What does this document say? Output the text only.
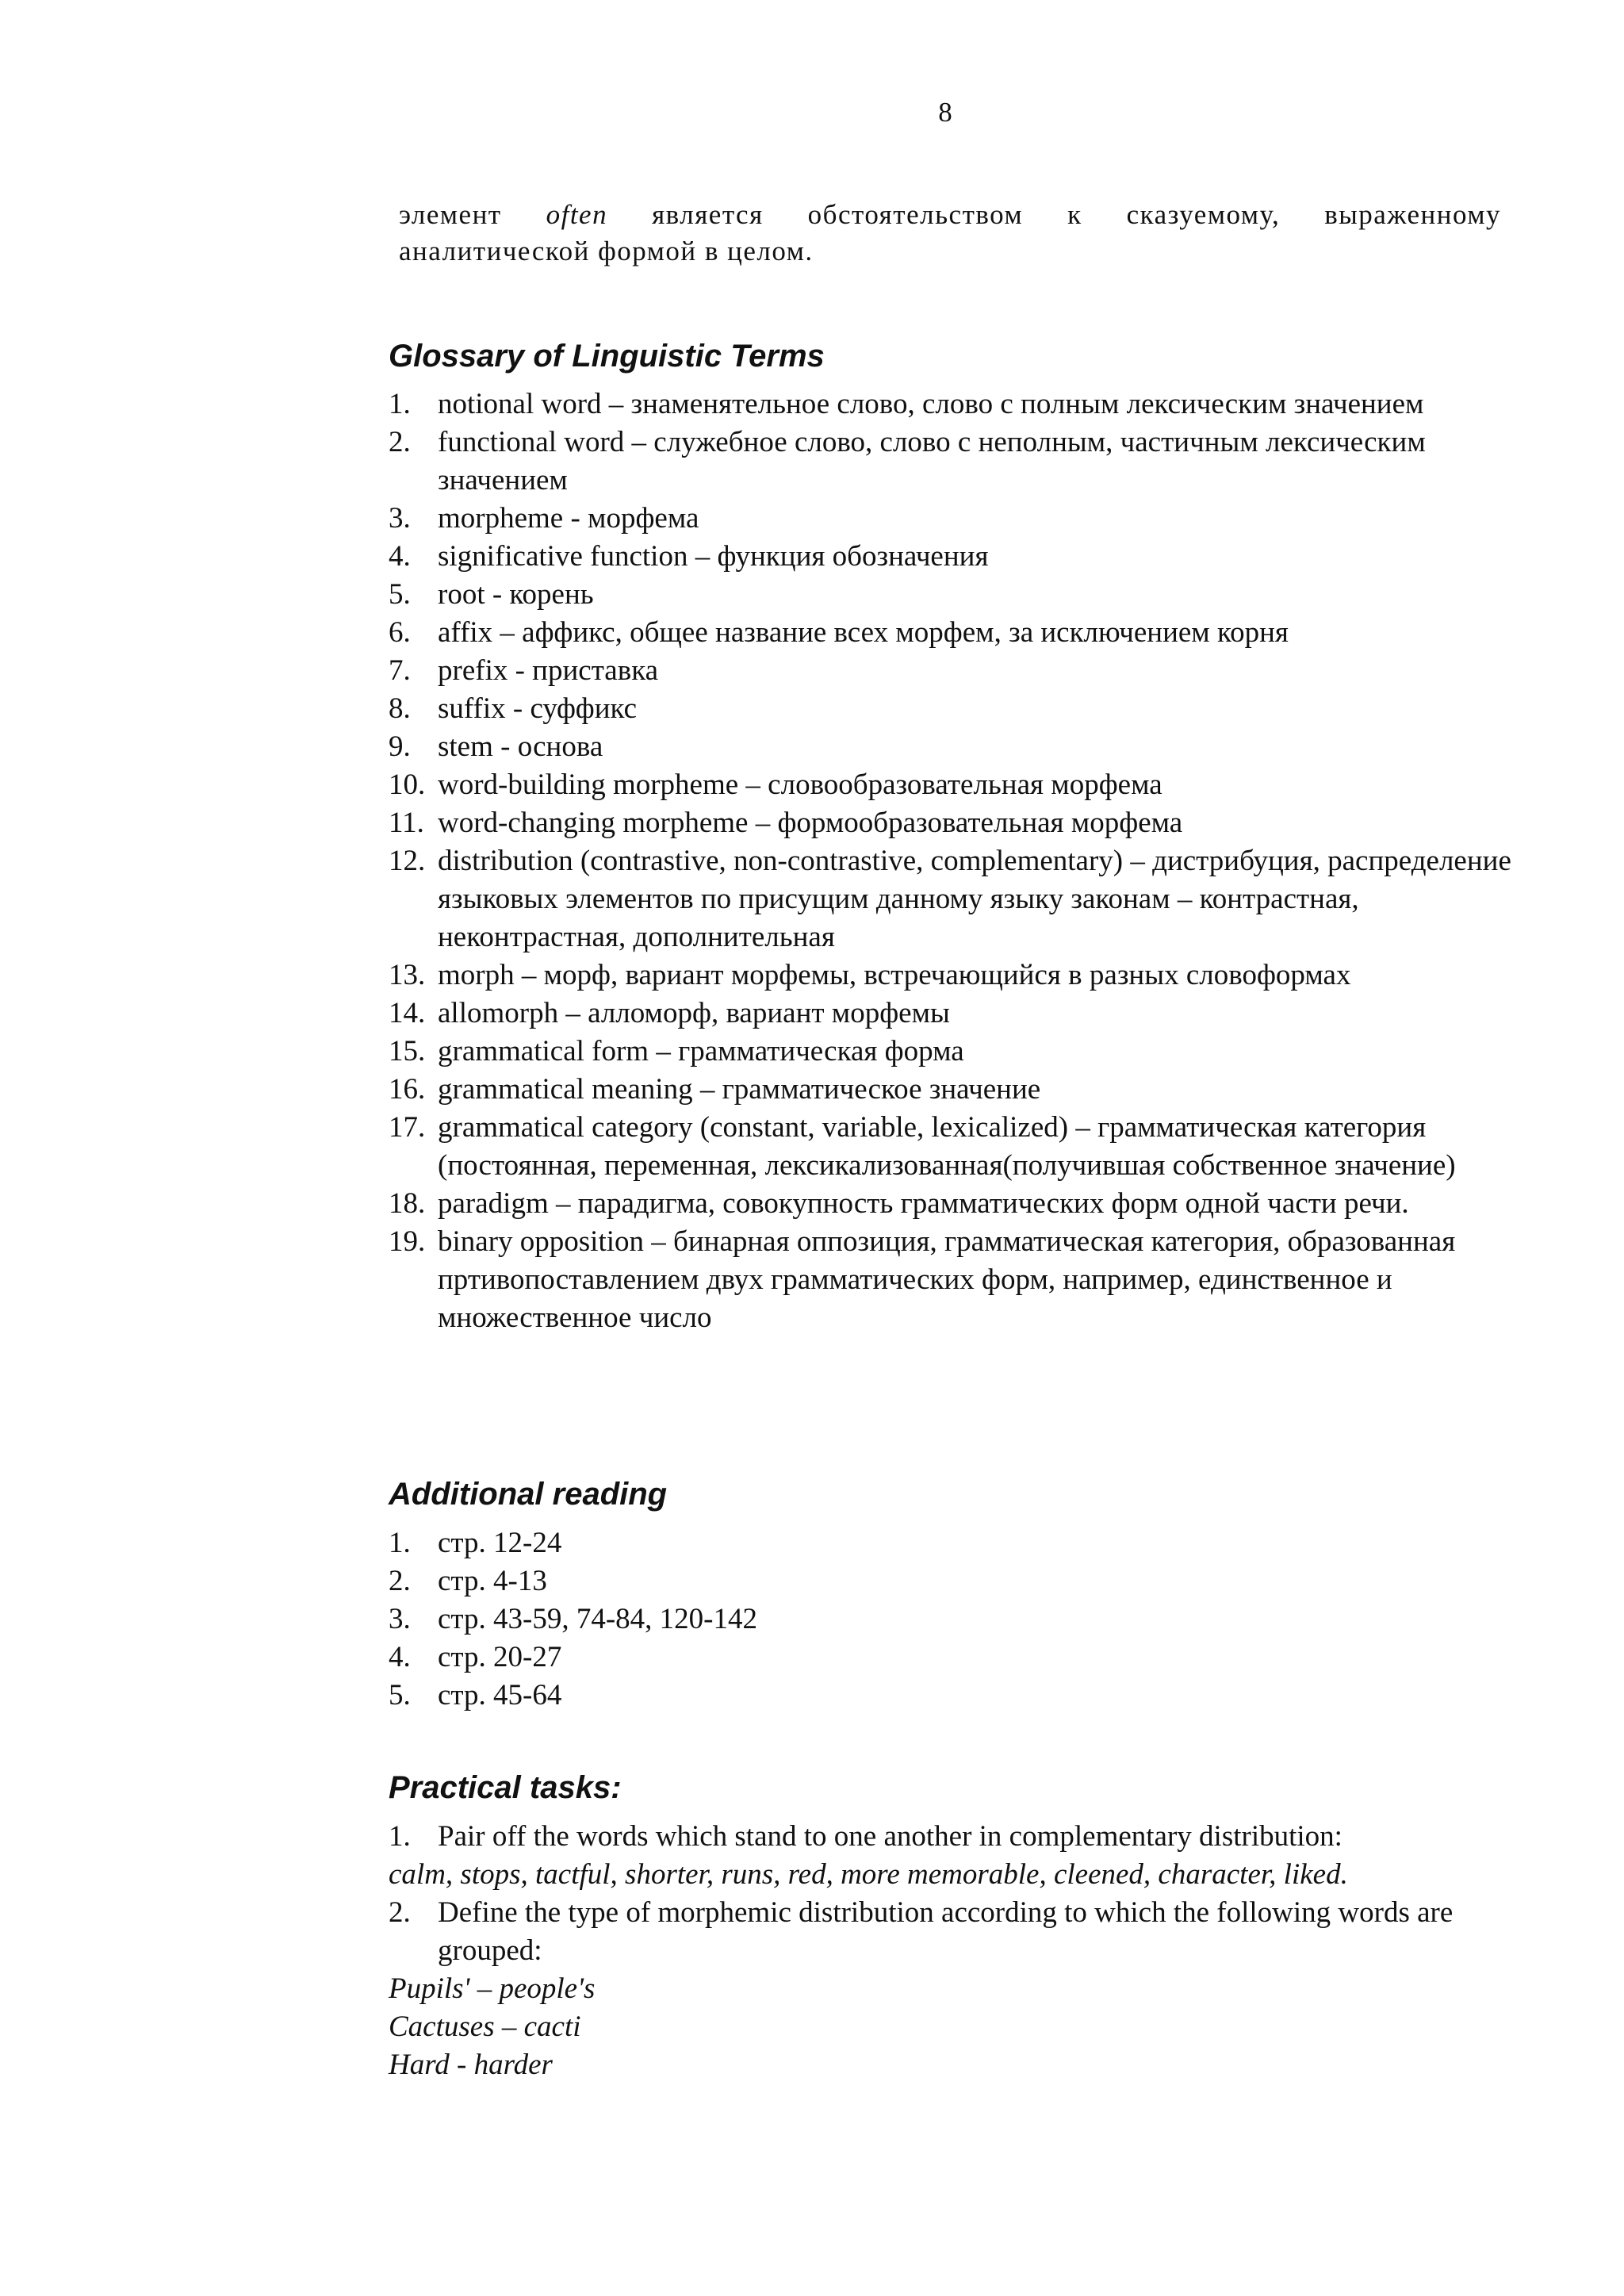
8
элемент often является обстоятельством к сказуемому, выраженному
аналитической формой в целом.
Glossary of Linguistic Terms
1. notional word – знаменятельное слово, слово с полным лексическим значением
2. functional word – служебное слово, слово с неполным, частичным лексическим значением
3. morpheme - морфема
4. significative function – функция обозначения
5. root - корень
6. affix – аффикс, общее название всех морфем, за исключением корня
7. prefix - приставка
8. suffix - суффикс
9. stem - основа
10. word-building morpheme – словообразовательная морфема
11. word-changing morpheme – формообразовательная морфема
12. distribution (contrastive, non-contrastive, complementary) – дистрибуция, распределение языковых элементов по присущим данному языку законам – контрастная, неконтрастная, дополнительная
13. morph – морф, вариант морфемы, встречающийся в разных словоформах
14. allomorph – алломорф, вариант морфемы
15. grammatical form – грамматическая форма
16. grammatical meaning – грамматическое значение
17. grammatical category (constant, variable, lexicalized) – грамматическая категория (постоянная, переменная, лексикализованная(получившая собственное значение)
18. paradigm – парадигма, совокупность грамматических форм одной части речи.
19. binary opposition – бинарная оппозиция, грамматическая категория, образованная пртивопоставлением двух грамматических форм, например, единственное и множественное число
Additional reading
1. стр. 12-24
2. стр. 4-13
3. стр. 43-59, 74-84, 120-142
4. стр. 20-27
5. стр. 45-64
Practical tasks:
1. Pair off the words which stand to one another in complementary distribution:
calm, stops, tactful, shorter, runs, red, more memorable, cleened, character, liked.
2. Define the type of morphemic distribution according to which the following words are grouped:
Pupils' – people's
Cactuses – cacti
Hard - harder
